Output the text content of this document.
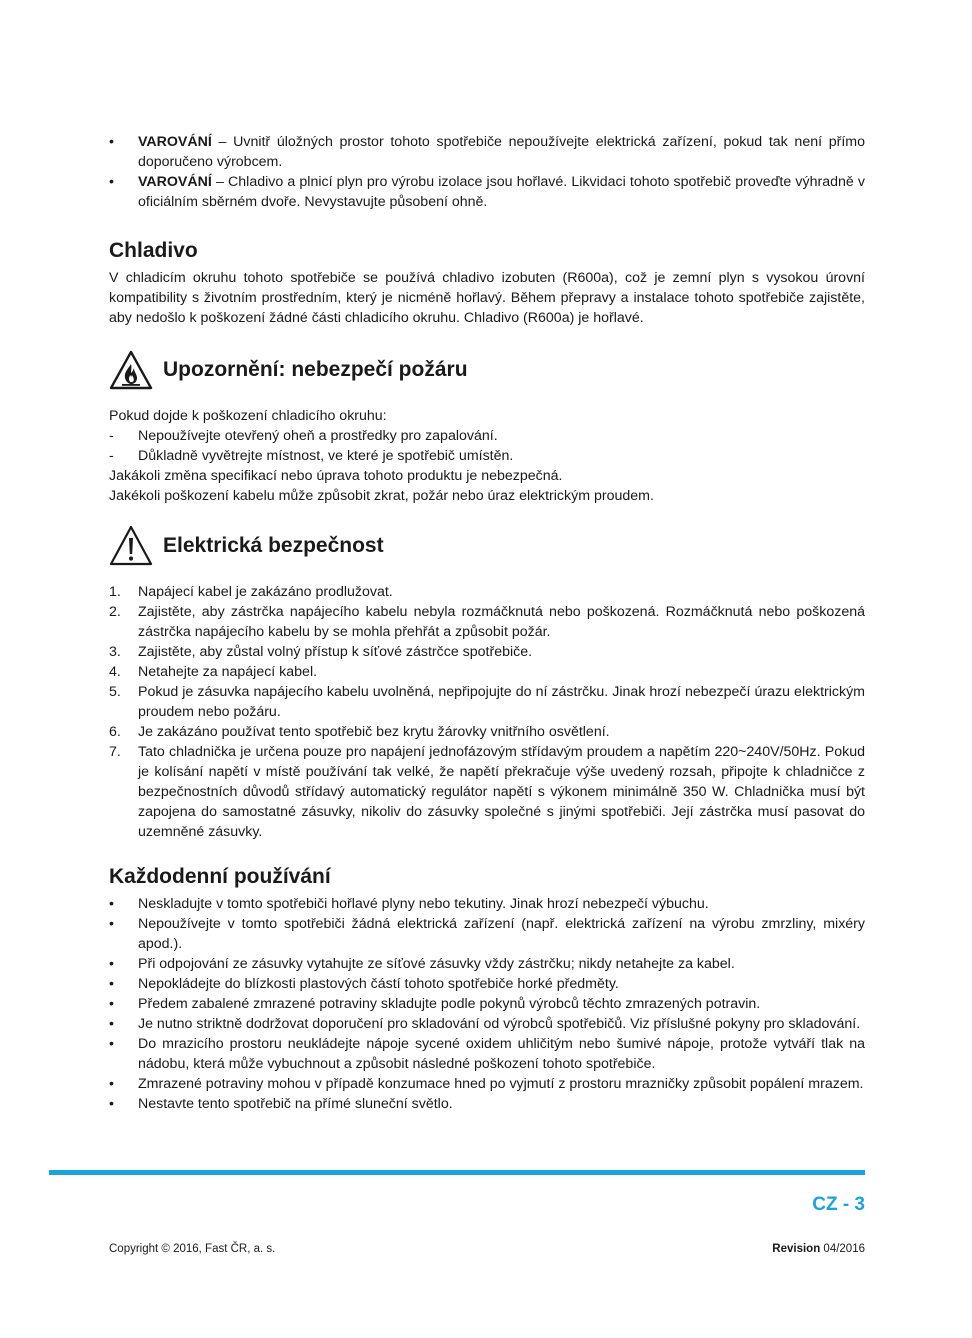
• VAROVÁNÍ – Uvnitř úložných prostor tohoto spotřebiče nepoužívejte elektrická zařízení, pokud tak není přímo doporučeno výrobcem.
• VAROVÁNÍ – Chladivo a plnicí plyn pro výrobu izolace jsou hořlavé. Likvidaci tohoto spotřebič proveďte výhradně v oficiálním sběrném dvoře. Nevystavujte působení ohně.
Chladivo

V chladicím okruhu tohoto spotřebiče se používá chladivo izobuten (R600a), což je zemní plyn s vysokou úrovní kompatibility s životním prostředním, který je nicméně hořlavý. Během přepravy a instalace tohoto spotřebiče zajistěte, aby nedošlo k poškození žádné části chladicího okruhu. Chladivo (R600a) je hořlavé.

Upozornění: nebezpečí požáru

Pokud dojde k poškození chladicího okruhu:

- Nepoužívejte otevřený oheň a prostředky pro zapalování.
- Důkladně vyvětrejte místnost, ve které je spotřebič umístěn.

Jakákoli změna specifikací nebo úprava tohoto produktu je nebezpečná.

Jakékoli poškození kabelu může způsobit zkrat, požár nebo úraz elektrickým proudem.

Elektrická bezpečnost
1. Napájecí kabel je zakázáno prodlužovat.
2. Zajistěte, aby zástrčka napájecího kabelu nebyla rozmáčknutá nebo poškozená. Rozmáčknutá nebo poškozená zástrčka napájecího kabelu by se mohla přehřát a způsobit požár.
3. Zajistěte, aby zůstal volný přístup k síťové zástrčce spotřebiče.
4. Netahejte za napájecí kabel.
5. Pokud je zásuvka napájecího kabelu uvolněná, nepřipojujte do ní zástrčku. Jinak hrozí nebezpečí úrazu elektrickým proudem nebo požáru.
6. Je zakázáno používat tento spotřebič bez krytu žárovky vnitřního osvětlení.
7. Tato chladnička je určena pouze pro napájení jednofázovým střídavým proudem a napětím 220~240V/50Hz. Pokud je kolísání napětí v místě používání tak velké, že napětí překračuje výše uvedený rozsah, připojte k chladničce z bezpečnostních důvodů střídavý automatický regulátor napětí s výkonem minimálně 350 W. Chladnička musí být zapojena do samostatné zásuvky, nikoliv do zásuvky společné s jinými spotřebiči. Její zástrčka musí pasovat do uzemněné zásuvky.
Každodenní používání
• Neskladujte v tomto spotřebiči hořlavé plyny nebo tekutiny. Jinak hrozí nebezpečí výbuchu.
• Nepoužívejte v tomto spotřebiči žádná elektrická zařízení (např. elektrická zařízení na výrobu zmrzliny, mixéry apod.).
• Při odpojování ze zásuvky vytahujte ze síťové zásuvky vždy zástrčku; nikdy netahejte za kabel.
• Nepokládejte do blízkosti plastových částí tohoto spotřebiče horké předměty.
• Předem zabalené zmrazené potraviny skladujte podle pokynů výrobců těchto zmrazených potravin.
• Je nutno striktně dodržovat doporučení pro skladování od výrobců spotřebičů. Viz příslušné pokyny pro skladování.
• Do mrazicího prostoru neukládejte nápoje sycené oxidem uhličitým nebo šumivé nápoje, protože vytváří tlak na nádobu, která může vybuchnout a způsobit následné poškození tohoto spotřebiče.
• Zmrazené potraviny mohou v případě konzumace hned po vyjmutí z prostoru mrazničky způsobit popálení mrazem.
• Nestavte tento spotřebič na přímé sluneční světlo.
CZ - 3
Copyright © 2016, Fast ČR, a. s.	Revision 04/2016
